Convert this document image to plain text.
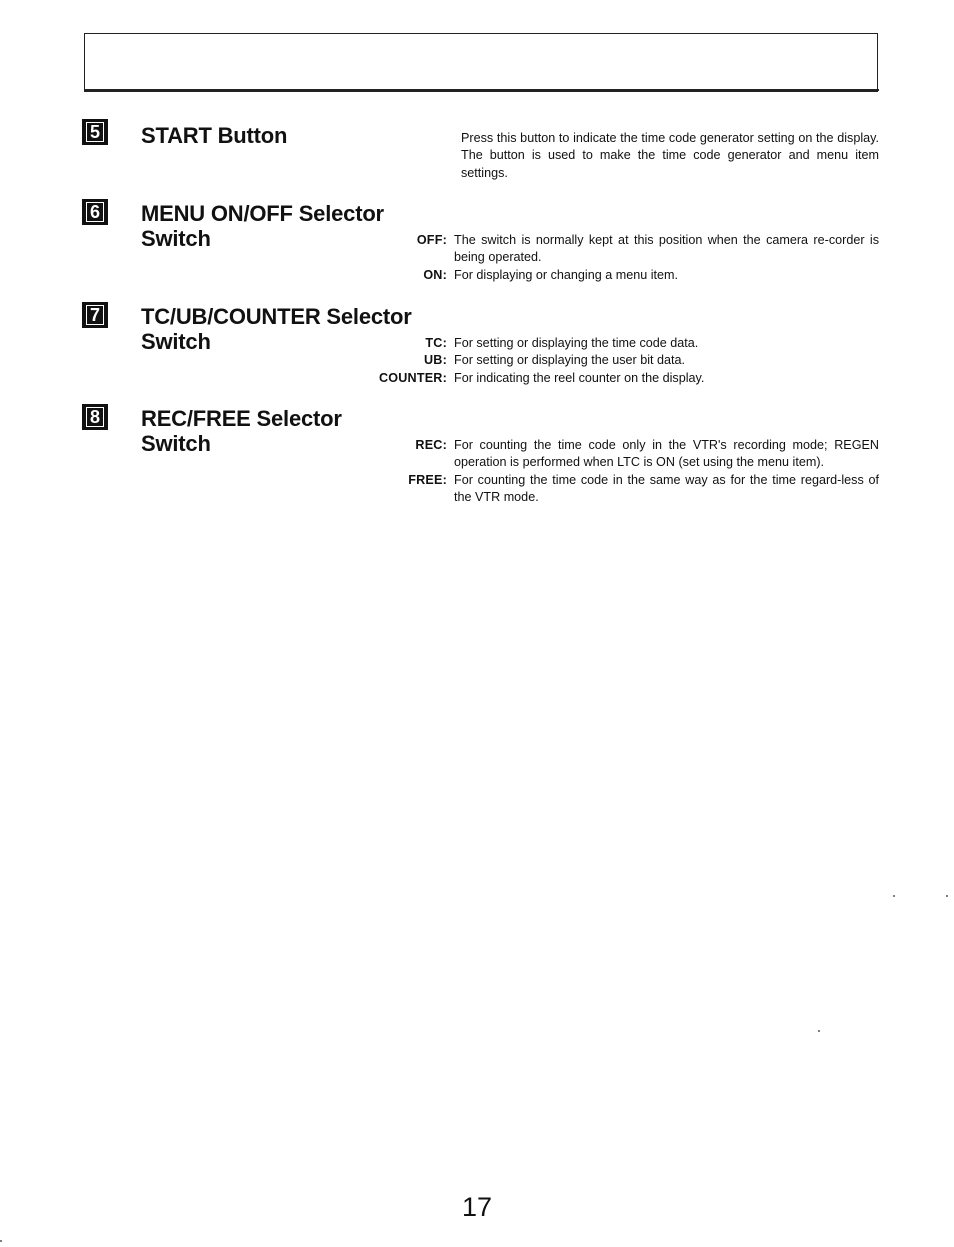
5 START Button	Press this button to indicate the time code generator setting on the display. The button is used to make the time code generator and menu item settings.
6 MENU ON/OFF Selector
Switch	OFF: The switch is normally kept at this position when the camera re-corder is being operated.
ON: For displaying or changing a menu item.
7 TC/UB/COUNTER Selector
Switch	TC: For setting or displaying the time code data.
UB: For setting or displaying the user bit data.
COUNTER: For indicating the reel counter on the display.
8 REC/FREE Selector
Switch	REC: For counting the time code only in the VTR's recording mode; REGEN operation is performed when LTC is ON (set using the menu item).
FREE: For counting the time code in the same way as for the time regard-less of the VTR mode.
17
